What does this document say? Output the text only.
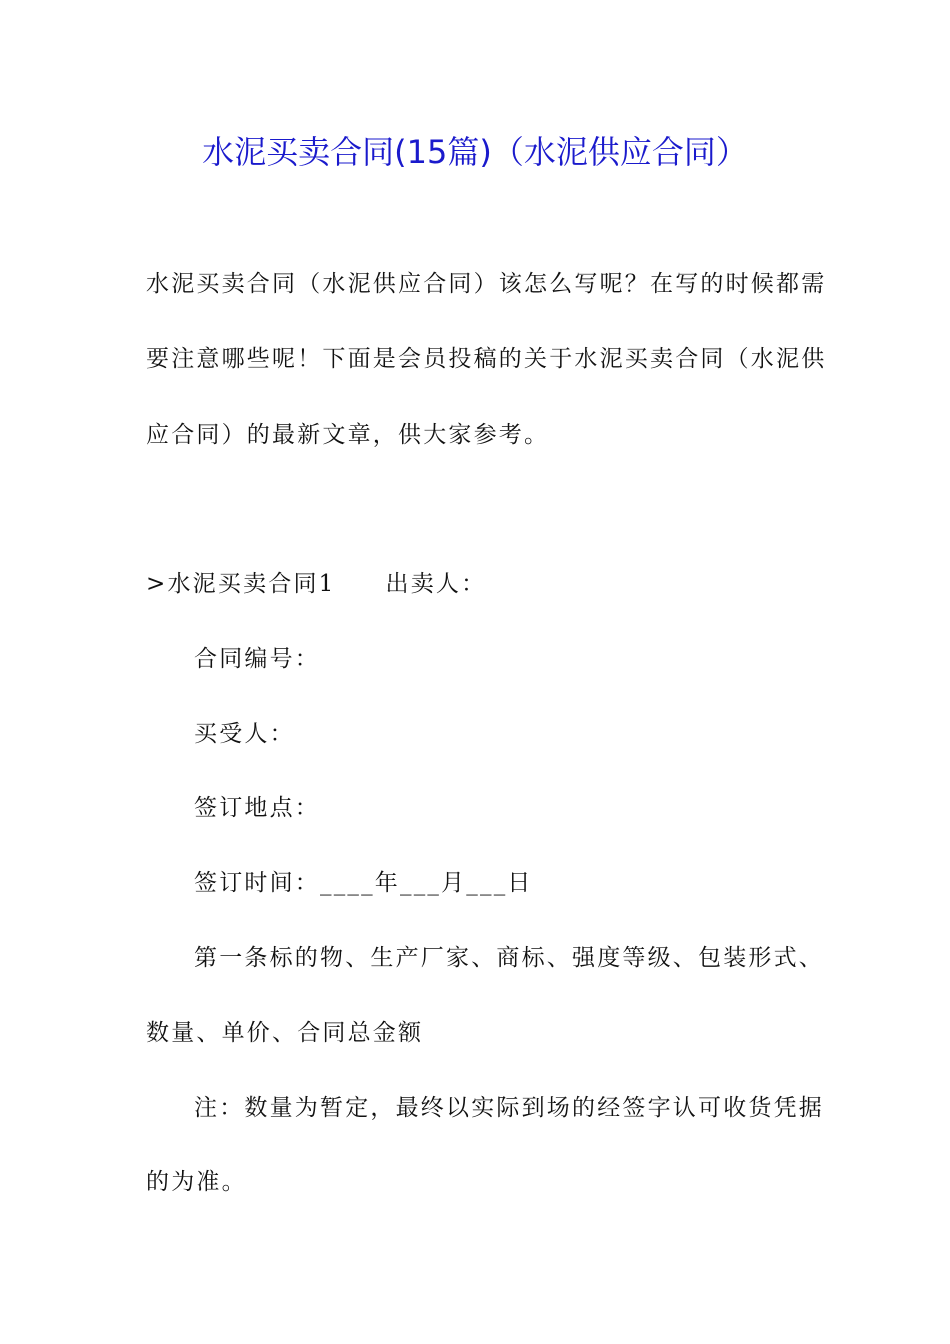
水泥买卖合同(15篇)（水泥供应合同）
水泥买卖合同（水泥供应合同）该怎么写呢？在写的时候都需
要注意哪些呢！下面是会员投稿的关于水泥买卖合同（水泥供
应合同）的最新文章，供大家参考。
>水泥买卖合同1 出卖人：
合同编号：
买受人：
签订地点：
签订时间：____年___月___日
第一条标的物、生产厂家、商标、强度等级、包装形式、
数量、单价、合同总金额
注：数量为暂定，最终以实际到场的经签字认可收货凭据
的为准。
